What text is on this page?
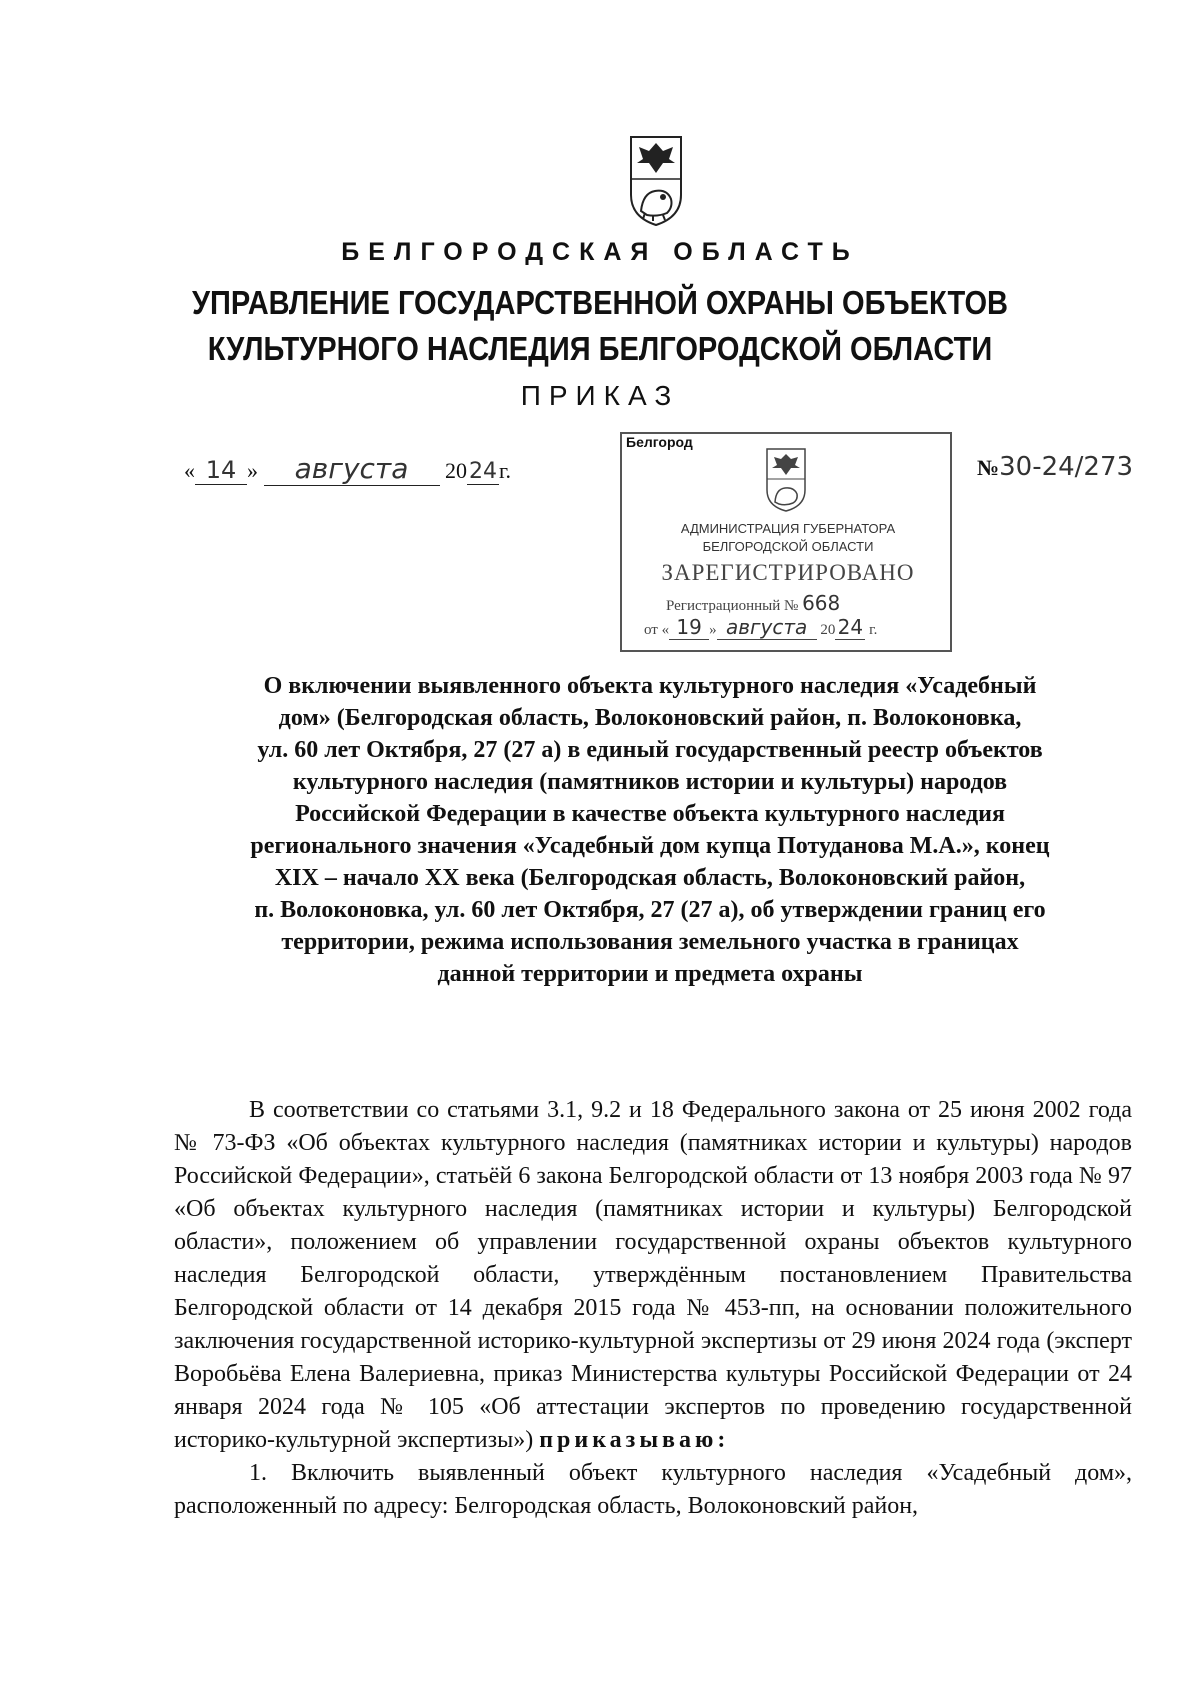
БЕЛГОРОДСКАЯ ОБЛАСТЬ
УПРАВЛЕНИЕ ГОСУДАРСТВЕННОЙ ОХРАНЫ ОБЪЕКТОВ
КУЛЬТУРНОГО НАСЛЕДИЯ БЕЛГОРОДСКОЙ ОБЛАСТИ
ПРИКАЗ
« 14 » августа 2024г.	№30-24/273
Белгород
АДМИНИСТРАЦИЯ ГУБЕРНАТОРА
БЕЛГОРОДСКОЙ ОБЛАСТИ
ЗАРЕГИСТРИРОВАНО
Регистрационный № 668
от « 19 » августа 20 24 г.
О включении выявленного объекта культурного наследия «Усадебный
дом» (Белгородская область, Волоконовский район, п. Волоконовка,
ул. 60 лет Октября, 27 (27 а) в единый государственный реестр объектов
культурного наследия (памятников истории и культуры) народов
Российской Федерации в качестве объекта культурного наследия
регионального значения «Усадебный дом купца Потуданова М.А.», конец
XIX – начало XX века (Белгородская область, Волоконовский район,
п. Волоконовка, ул. 60 лет Октября, 27 (27 а), об утверждении границ его
территории, режима использования земельного участка в границах
данной территории и предмета охраны

В соответствии со статьями 3.1, 9.2 и 18 Федерального закона от 25 июня 2002 года № 73-ФЗ «Об объектах культурного наследия (памятниках истории и культуры) народов Российской Федерации», статьёй 6 закона Белгородской области от 13 ноября 2003 года № 97 «Об объектах культурного наследия (памятниках истории и культуры) Белгородской области», положением об управлении государственной охраны объектов культурного наследия Белгородской области, утверждённым постановлением Правительства Белгородской области от 14 декабря 2015 года № 453-пп, на основании положительного заключения государственной историко-культурной экспертизы от 29 июня 2024 года (эксперт Воробьёва Елена Валериевна, приказ Министерства культуры Российской Федерации от 24 января 2024 года № 105 «Об аттестации экспертов по проведению государственной историко-культурной экспертизы») приказываю:

1. Включить выявленный объект культурного наследия «Усадебный дом», расположенный по адресу: Белгородская область, Волоконовский район,
